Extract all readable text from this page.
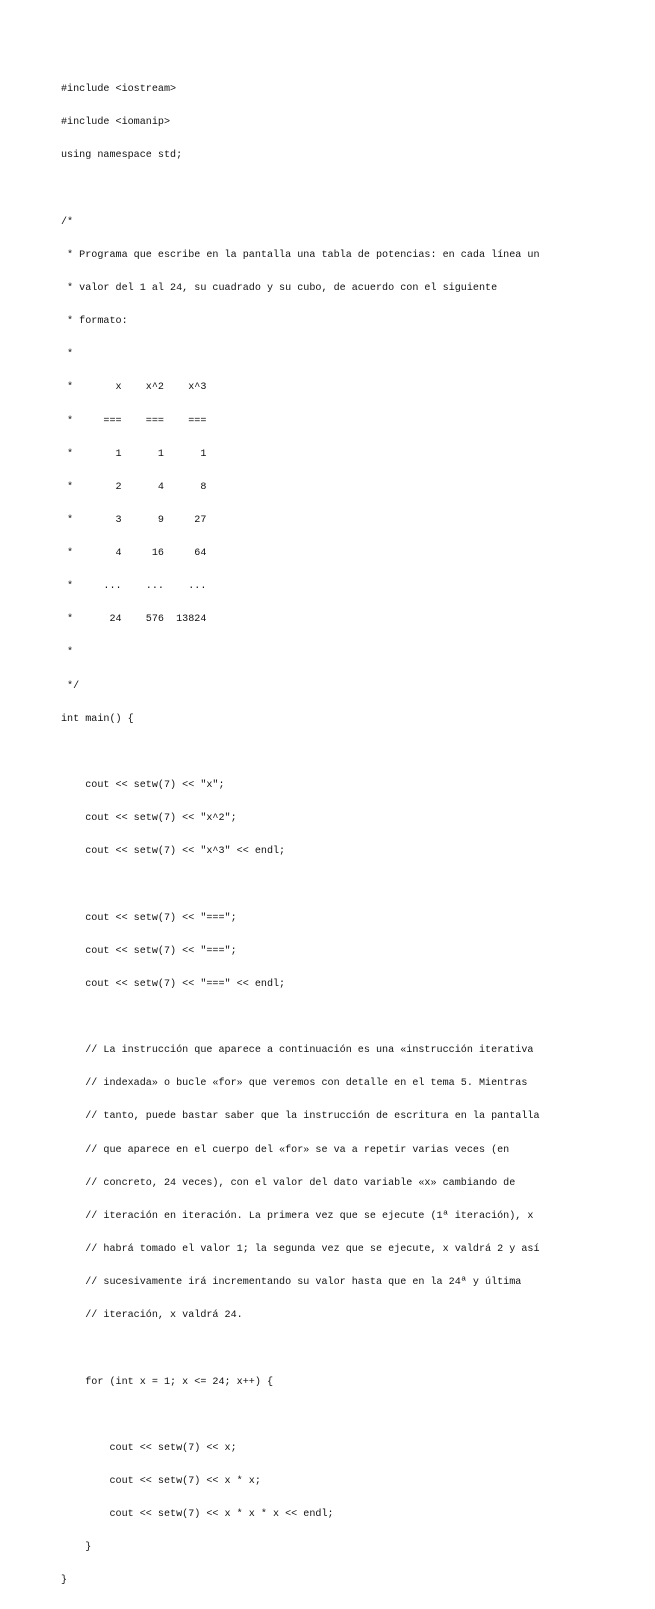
#include <iostream>

#include <iomanip>

using namespace std;

/*

* Programa que escribe en la pantalla una tabla de potencias: en cada línea un

* valor del 1 al 24, su cuadrado y su cubo, de acuerdo con el siguiente

* formato:

*

*       x    x^2    x^3

*     ===    ===    ===

*       1      1      1

*       2      4      8

*       3      9     27

*       4     16     64

*     ...    ...    ...

*      24    576  13824

*

*/

int main() {

cout << setw(7) << "x";

cout << setw(7) << "x^2";

cout << setw(7) << "x^3" << endl;

cout << setw(7) << "===";

cout << setw(7) << "===";

cout << setw(7) << "===" << endl;

// La instrucción que aparece a continuación es una «instrucción iterativa

// indexada» o bucle «for» que veremos con detalle en el tema 5. Mientras

// tanto, puede bastar saber que la instrucción de escritura en la pantalla

// que aparece en el cuerpo del «for» se va a repetir varias veces (en

// concreto, 24 veces), con el valor del dato variable «x» cambiando de

// iteración en iteración. La primera vez que se ejecute (1ª iteración), x

// habrá tomado el valor 1; la segunda vez que se ejecute, x valdrá 2 y así

// sucesivamente irá incrementando su valor hasta que en la 24ª y última

// iteración, x valdrá 24.

for (int x = 1; x <= 24; x++) {

cout << setw(7) << x;

cout << setw(7) << x * x;

cout << setw(7) << x * x * x << endl;

}

}
